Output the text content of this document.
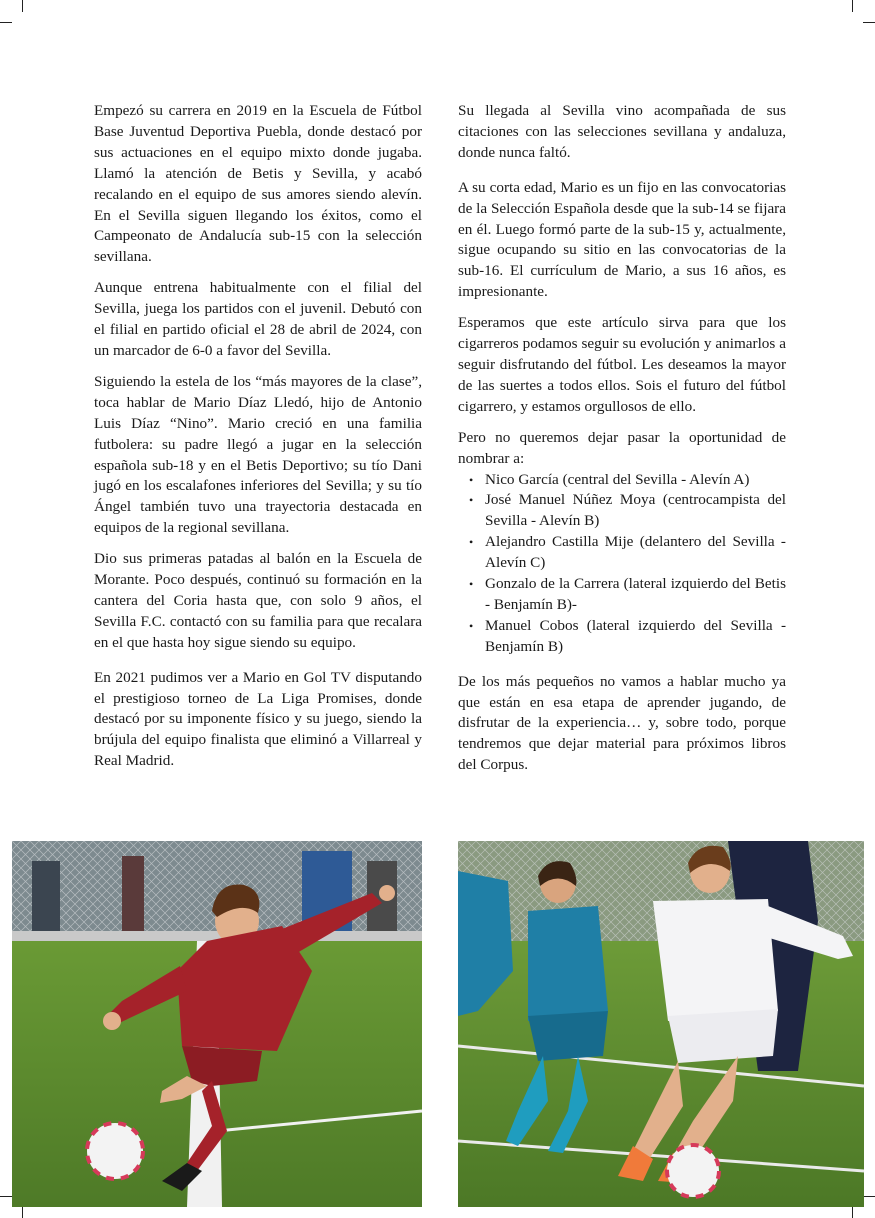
Empezó su carrera en 2019 en la Escuela de Fútbol Base Juventud Deportiva Puebla, donde destacó por sus actuaciones en el equipo mixto donde jugaba. Llamó la atención de Betis y Sevilla, y acabó recalando en el equipo de sus amores siendo alevín. En el Sevilla siguen llegando los éxitos, como el Campeonato de Andalucía sub-15 con la selección sevillana.

Aunque entrena habitualmente con el filial del Sevilla, juega los partidos con el juvenil. Debutó con el filial en partido oficial el 28 de abril de 2024, con un marcador de 6-0 a favor del Sevilla.

Siguiendo la estela de los “más mayores de la clase”, toca hablar de Mario Díaz Lledó, hijo de Antonio Luis Díaz “Nino”. Mario creció en una familia futbolera: su padre llegó a jugar en la selección española sub-18 y en el Betis Deportivo; su tío Dani jugó en los escalafones inferiores del Sevilla; y su tío Ángel también tuvo una trayectoria destacada en equipos de la regional sevillana.

Dio sus primeras patadas al balón en la Escuela de Morante. Poco después, continuó su formación en la cantera del Coria hasta que, con solo 9 años, el Sevilla F.C. contactó con su familia para que recalara en el que hasta hoy sigue siendo su equipo.

En 2021 pudimos ver a Mario en Gol TV disputando el prestigioso torneo de La Liga Promises, donde destacó por su imponente físico y su juego, siendo la brújula del equipo finalista que eliminó a Villarreal y Real Madrid.

Su llegada al Sevilla vino acompañada de sus citaciones con las selecciones sevillana y andaluza, donde nunca faltó.

A su corta edad, Mario es un fijo en las convocatorias de la Selección Española desde que la sub-14 se fijara en él. Luego formó parte de la sub-15 y, actualmente, sigue ocupando su sitio en las convocatorias de la sub-16. El currículum de Mario, a sus 16 años, es impresionante.

Esperamos que este artículo sirva para que los cigarreros podamos seguir su evolución y animarlos a seguir disfrutando del fútbol. Les deseamos la mayor de las suertes a todos ellos. Sois el futuro del fútbol cigarrero, y estamos orgullosos de ello.

Pero no queremos dejar pasar la oportunidad de nombrar a:

• Nico García (central del Sevilla - Alevín A)
• José Manuel Núñez Moya (centrocampista del Sevilla - Alevín B)
• Alejandro Castilla Mije (delantero del Sevilla - Alevín C)
• Gonzalo de la Carrera (lateral izquierdo del Betis - Benjamín B)-
• Manuel Cobos (lateral izquierdo del Sevilla - Benjamín B)

De los más pequeños no vamos a hablar mucho ya que están en esa etapa de aprender jugando, de disfrutar de la experiencia… y, sobre todo, porque tendremos que dejar material para próximos libros del Corpus.
